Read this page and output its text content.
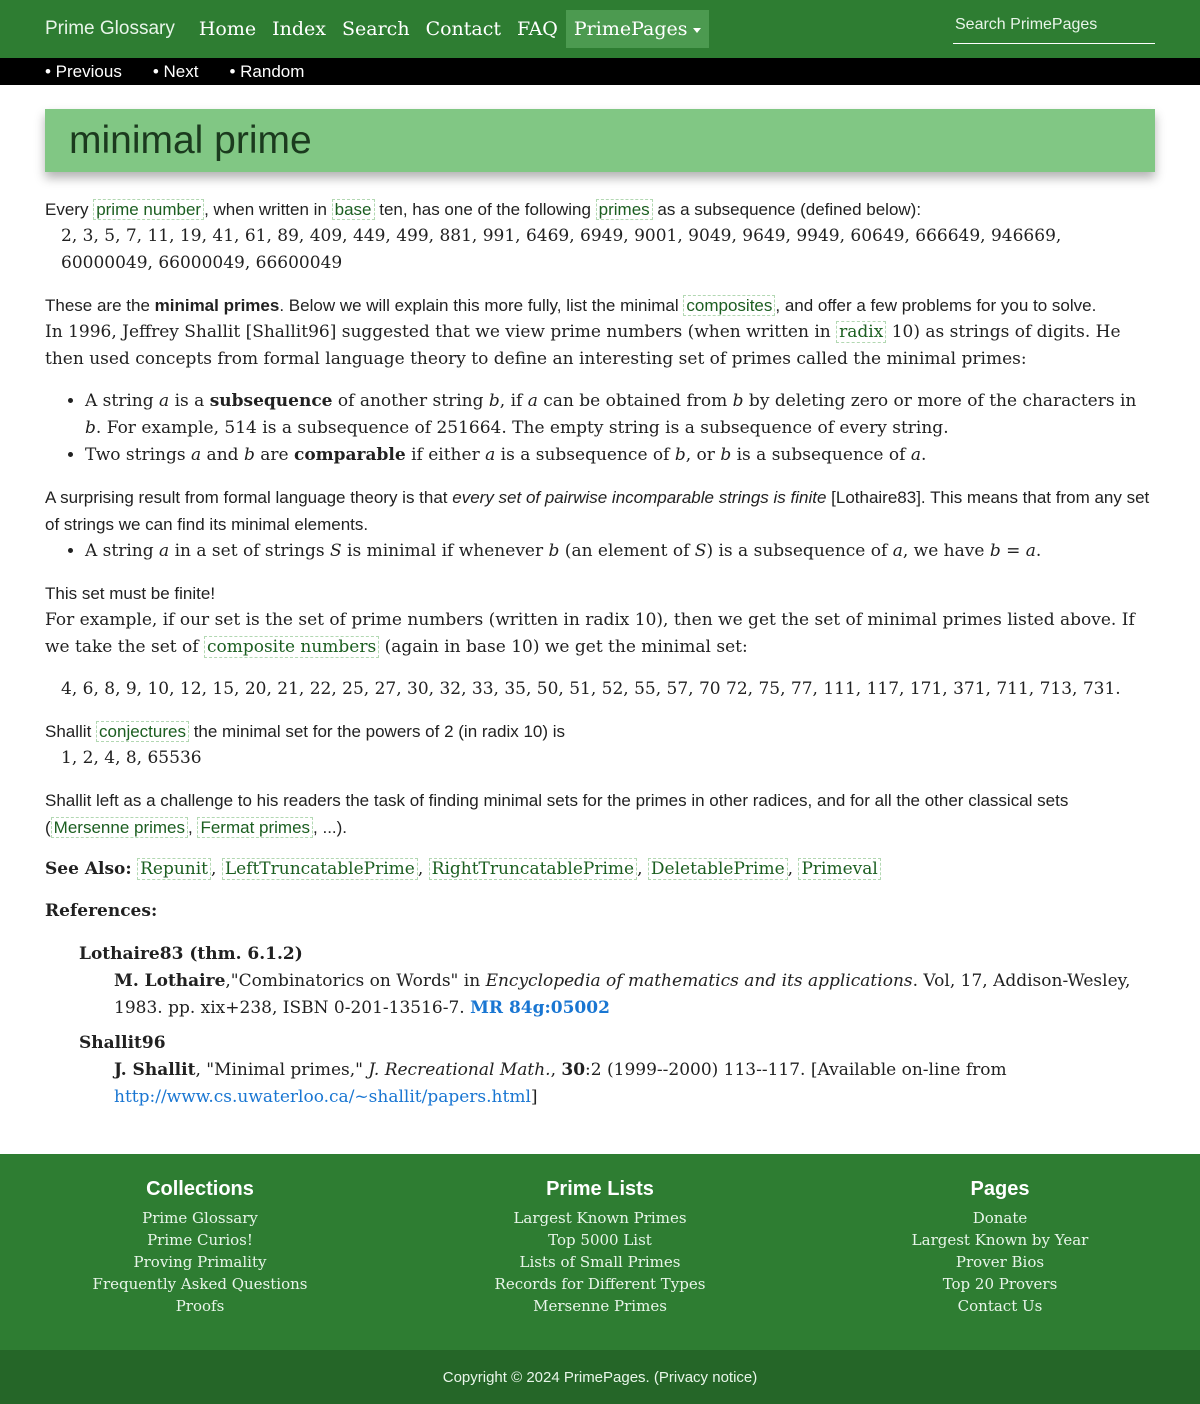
Prime Glossary Home Index Search Contact FAQ PrimePages
Search PrimePages
• Previous • Next • Random
minimal prime
Every prime number , when written in base ten, has one of the following primes as a subsequence (defined below):
2, 3, 5, 7, 11, 19, 41, 61, 89, 409, 449, 499, 881, 991, 6469, 6949, 9001, 9049, 9649, 9949, 60649, 666649, 946669, 60000049, 66000049, 66600049
These are the minimal primes. Below we will explain this more fully, list the minimal composites , and offer a few problems for you to solve.
In 1996, Jeffrey Shallit [Shallit96] suggested that we view prime numbers (when written in radix 10) as strings of digits. He then used concepts from formal language theory to define an interesting set of primes called the minimal primes:
• A string a is a subsequence of another string b, if a can be obtained from b by deleting zero or more of the characters in b. For example, 514 is a subsequence of 251664. The empty string is a subsequence of every string.
• Two strings a and b are comparable if either a is a subsequence of b, or b is a subsequence of a.
A surprising result from formal language theory is that every set of pairwise incomparable strings is finite [Lothaire83]. This means that from any set of strings we can find its minimal elements.
• A string a in a set of strings S is minimal if whenever b (an element of S) is a subsequence of a, we have b = a.
This set must be finite!
For example, if our set is the set of prime numbers (written in radix 10), then we get the set of minimal primes listed above. If we take the set of composite numbers (again in base 10) we get the minimal set:
4, 6, 8, 9, 10, 12, 15, 20, 21, 22, 25, 27, 30, 32, 33, 35, 50, 51, 52, 55, 57, 70 72, 75, 77, 111, 117, 171, 371, 711, 713, 731.
Shallit conjectures the minimal set for the powers of 2 (in radix 10) is
1, 2, 4, 8, 65536
Shallit left as a challenge to his readers the task of finding minimal sets for the primes in other radices, and for all the other classical sets ( Mersenne primes , Fermat primes , ...).
See Also: Repunit , LeftTruncatablePrime , RightTruncatablePrime , DeletablePrime , Primeval
References:
Lothaire83 (thm. 6.1.2)
M. Lothaire,"Combinatorics on Words" in Encyclopedia of mathematics and its applications. Vol, 17, Addison-Wesley, 1983. pp. xix+238, ISBN 0-201-13516-7. MR 84g:05002
Shallit96
J. Shallit, "Minimal primes," J. Recreational Math., 30:2 (1999--2000) 113--117. [Available on-line from http://www.cs.uwaterloo.ca/~shallit/papers.html]
Collections
Prime Glossary
Prime Curios!
Proving Primality
Frequently Asked Questions
Proofs
Prime Lists
Largest Known Primes
Top 5000 List
Lists of Small Primes
Records for Different Types
Mersenne Primes
Pages
Donate
Largest Known by Year
Prover Bios
Top 20 Provers
Contact Us
Copyright © 2024 PrimePages. (Privacy notice)
